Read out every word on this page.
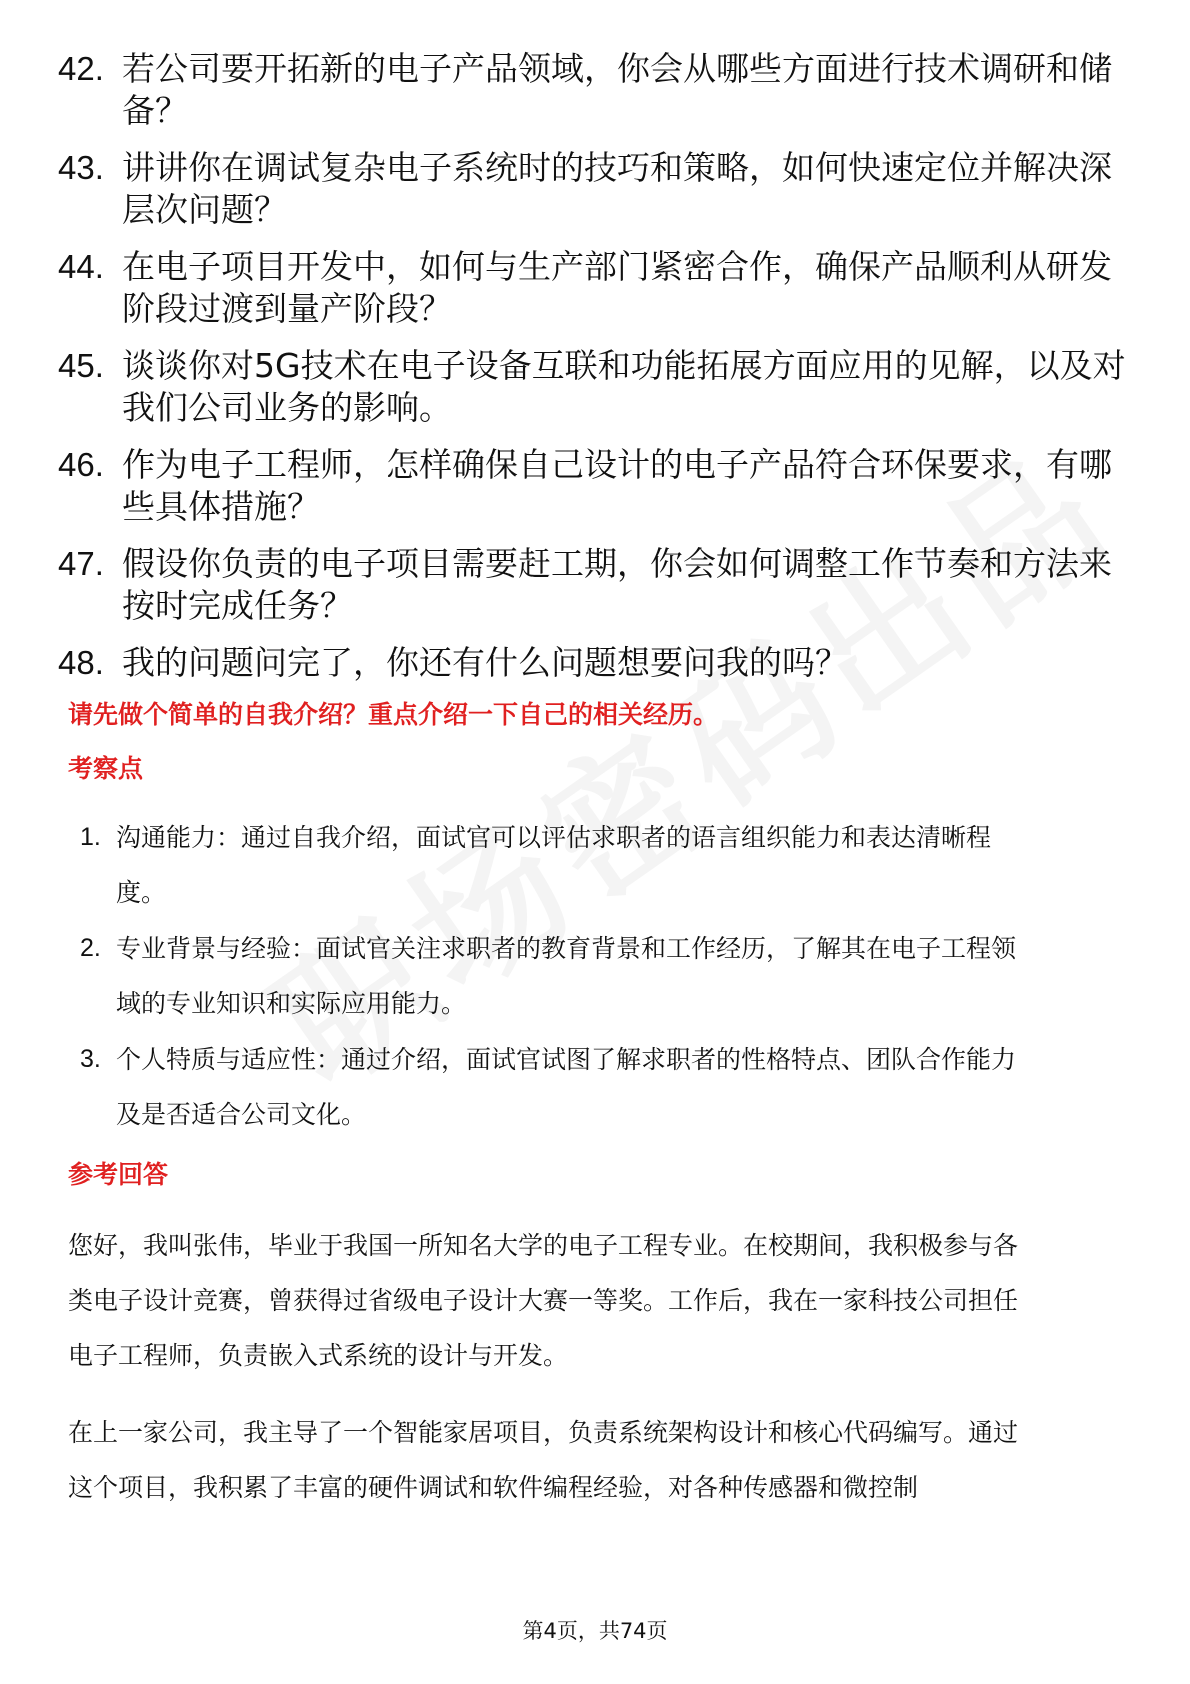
42. 若公司要开拓新的电子产品领域，你会从哪些方面进行技术调研和储备？
43. 讲讲你在调试复杂电子系统时的技巧和策略，如何快速定位并解决深层次问题？
44. 在电子项目开发中，如何与生产部门紧密合作，确保产品顺利从研发阶段过渡到量产阶段？
45. 谈谈你对5G技术在电子设备互联和功能拓展方面应用的见解，以及对我们公司业务的影响。
46. 作为电子工程师，怎样确保自己设计的电子产品符合环保要求，有哪些具体措施？
47. 假设你负责的电子项目需要赶工期，你会如何调整工作节奏和方法来按时完成任务？
48. 我的问题问完了，你还有什么问题想要问我的吗？
请先做个简单的自我介绍？重点介绍一下自己的相关经历。
考察点
1. 沟通能力：通过自我介绍，面试官可以评估求职者的语言组织能力和表达清晰程度。
2. 专业背景与经验：面试官关注求职者的教育背景和工作经历，了解其在电子工程领域的专业知识和实际应用能力。
3. 个人特质与适应性：通过介绍，面试官试图了解求职者的性格特点、团队合作能力及是否适合公司文化。
参考回答

您好，我叫张伟，毕业于我国一所知名大学的电子工程专业。在校期间，我积极参与各类电子设计竞赛，曾获得过省级电子设计大赛一等奖。工作后，我在一家科技公司担任电子工程师，负责嵌入式系统的设计与开发。

在上一家公司，我主导了一个智能家居项目，负责系统架构设计和核心代码编写。通过这个项目，我积累了丰富的硬件调试和软件编程经验，对各种传感器和微控制

第4页，共74页
